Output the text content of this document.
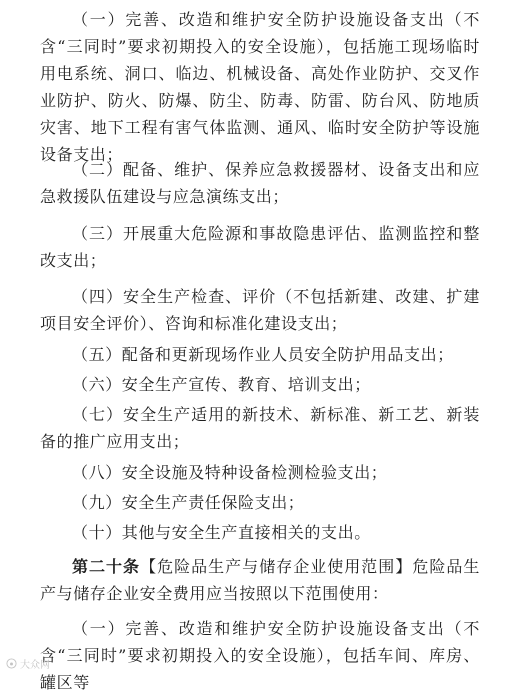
（一）完善、改造和维护安全防护设施设备支出（不含“三同时”要求初期投入的安全设施），包括施工现场临时用电系统、洞口、临边、机械设备、高处作业防护、交叉作业防护、防火、防爆、防尘、防毒、防雷、防台风、防地质灾害、地下工程有害气体监测、通风、临时安全防护等设施设备支出；

（二）配备、维护、保养应急救援器材、设备支出和应急救援队伍建设与应急演练支出；

（三）开展重大危险源和事故隐患评估、监测监控和整改支出；

（四）安全生产检查、评价（不包括新建、改建、扩建项目安全评价）、咨询和标准化建设支出；

（五）配备和更新现场作业人员安全防护用品支出；

（六）安全生产宣传、教育、培训支出；

（七）安全生产适用的新技术、新标准、新工艺、新装备的推广应用支出；

（八）安全设施及特种设备检测检验支出；

（九）安全生产责任保险支出；

（十）其他与安全生产直接相关的支出。

第二十条【危险品生产与储存企业使用范围】危险品生产与储存企业安全费用应当按照以下范围使用：

（一）完善、改造和维护安全防护设施设备支出（不含“三同时”要求初期投入的安全设施），包括车间、库房、罐区等

大众网
